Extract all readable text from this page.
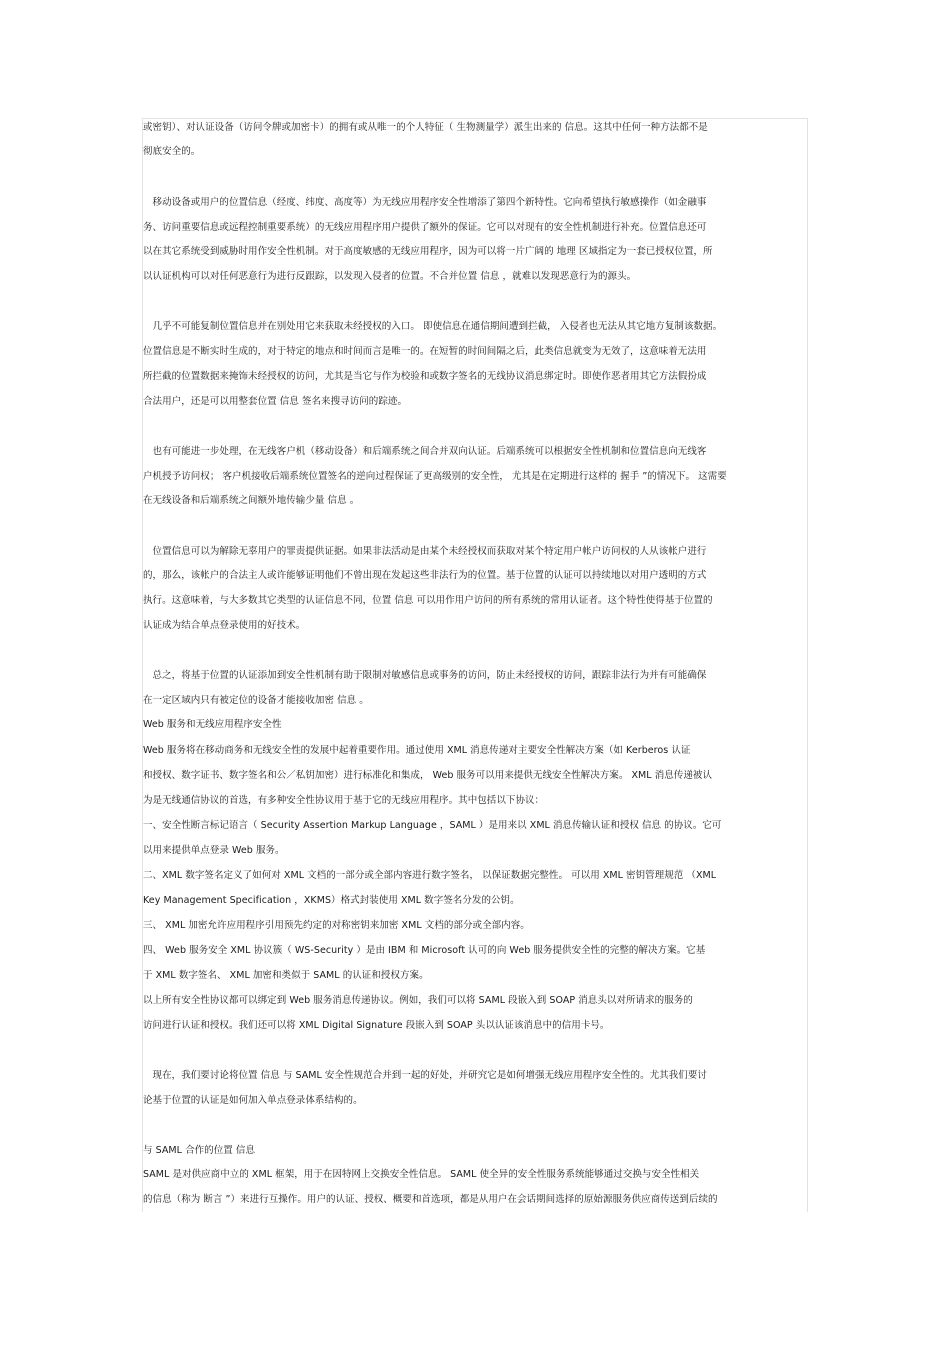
或密钥）、对认证设备（访问令牌或加密卡）的拥有或从唯一的个人特征（ 生物测量学）派生出来的 信息。这其中任何一种方法都不是
彻底安全的。
　移动设备或用户的位置信息（经度、纬度、高度等）为无线应用程序安全性增添了第四个新特性。它向希望执行敏感操作（如金融事
务、访问重要信息或远程控制重要系统）的无线应用程序用户提供了额外的保证。它可以对现有的安全性机制进行补充。位置信息还可
以在其它系统受到威胁时用作安全性机制。对于高度敏感的无线应用程序，因为可以将一片广阔的 地理 区域指定为一套已授权位置，所
以认证机构可以对任何恶意行为进行反跟踪，以发现入侵者的位置。不合并位置 信息 ，就难以发现恶意行为的源头。
　几乎不可能复制位置信息并在别处用它来获取未经授权的入口。 即使信息在通信期间遭到拦截， 入侵者也无法从其它地方复制该数据。
位置信息是不断实时生成的，对于特定的地点和时间而言是唯一的。在短暂的时间间隔之后，此类信息就变为无效了，这意味着无法用
所拦截的位置数据来掩饰未经授权的访问，尤其是当它与作为校验和或数字签名的无线协议消息绑定时。即使作恶者用其它方法假扮成
合法用户，还是可以用整套位置 信息 签名来搜寻访问的踪迹。
　也有可能进一步处理，在无线客户机（移动设备）和后端系统之间合并双向认证。后端系统可以根据安全性机制和位置信息向无线客
户机授予访问权； 客户机接收后端系统位置签名的逆向过程保证了更高级别的安全性， 尤其是在定期进行这样的 握手 ”的情况下。 这需要
在无线设备和后端系统之间额外地传输少量 信息 。
　位置信息可以为解除无辜用户的罪责提供证据。如果非法活动是由某个未经授权而获取对某个特定用户帐户访问权的人从该帐户进行
的，那么，该帐户的合法主人或许能够证明他们不曾出现在发起这些非法行为的位置。基于位置的认证可以持续地以对用户透明的方式
执行。这意味着，与大多数其它类型的认证信息不同，位置 信息 可以用作用户访问的所有系统的常用认证者。这个特性使得基于位置的
认证成为结合单点登录使用的好技术。
　总之，将基于位置的认证添加到安全性机制有助于限制对敏感信息或事务的访问，防止未经授权的访问，跟踪非法行为并有可能确保
在一定区域内只有被定位的设备才能接收加密 信息 。
Web 服务和无线应用程序安全性
Web 服务将在移动商务和无线安全性的发展中起着重要作用。通过使用 XML 消息传递对主要安全性解决方案（如 Kerberos 认证
和授权、数字证书、数字签名和公／私钥加密）进行标准化和集成， Web 服务可以用来提供无线安全性解决方案。 XML 消息传递被认
为是无线通信协议的首选，有多种安全性协议用于基于它的无线应用程序。其中包括以下协议：
一、安全性断言标记语言（ Security Assertion Markup Language ，SAML ）是用来以 XML 消息传输认证和授权 信息 的协议。它可
以用来提供单点登录 Web 服务。
二、XML 数字签名定义了如何对 XML 文档的一部分或全部内容进行数字签名， 以保证数据完整性。 可以用 XML 密钥管理规范 （XML
Key Management Specification ，XKMS）格式封装使用 XML 数字签名分发的公钥。
三、 XML 加密允许应用程序引用预先约定的对称密钥来加密 XML 文档的部分或全部内容。
四、 Web 服务安全 XML 协议簇（ WS-Security ）是由 IBM 和 Microsoft 认可的向 Web 服务提供安全性的完整的解决方案。它基
于 XML 数字签名、 XML 加密和类似于 SAML 的认证和授权方案。
以上所有安全性协议都可以绑定到 Web 服务消息传递协议。例如，我们可以将 SAML 段嵌入到 SOAP 消息头以对所请求的服务的
访问进行认证和授权。我们还可以将 XML Digital Signature 段嵌入到 SOAP 头以认证该消息中的信用卡号。
　现在，我们要讨论将位置 信息 与 SAML 安全性规范合并到一起的好处，并研究它是如何增强无线应用程序安全性的。尤其我们要讨
论基于位置的认证是如何加入单点登录体系结构的。
与 SAML 合作的位置 信息
SAML 是对供应商中立的 XML 框架，用于在因特网上交换安全性信息。 SAML 使全异的安全性服务系统能够通过交换与安全性相关
的信息（称为 断言 ”）来进行互操作。用户的认证、授权、概要和首选项，都是从用户在会话期间选择的原始源服务供应商传送到后续的
